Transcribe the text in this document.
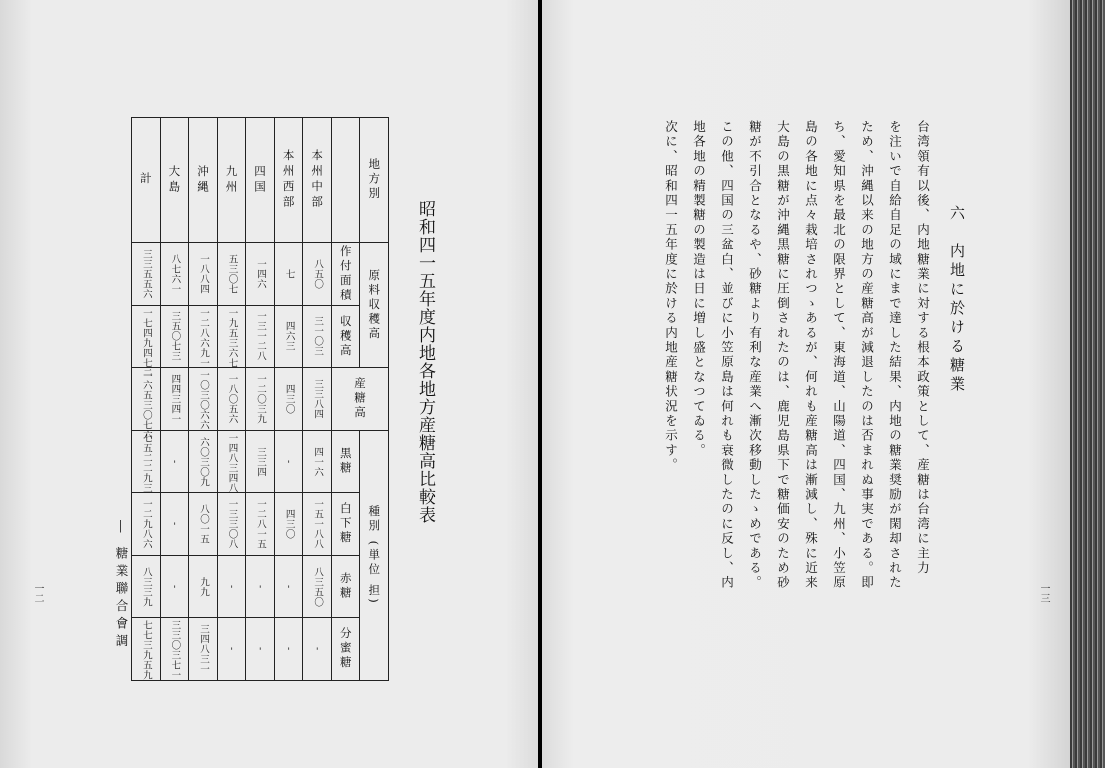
昭和四一五年度内地各地方産糖高比較表
地方別	原料収穫高	産糖高	種別 (単位 担)
	作付面積	収穫高	黒糖	白下糖	赤糖	分蜜糖

本州中部	八五〇	三一〇三	三三八四	四一六	一五一八八	八三五〇	-
本州西部	七	四六三	四三〇	-	四三〇	-	-
四国	一四六	一三一二八	一二〇三九	三三四	一二八一五	-	-
九州	五三〇七	一九五三六七	一八〇五六	一四八三四八	一三三〇八	-	-
沖縄	一八八四	一二八六九一	一〇三〇六六	六〇三〇九	八〇一五	九九	三四八三一
大島	八七六一	三五〇七三	四四三四一	-	-	-	三三〇三七一
計	三三五五六	一七四九四七二	一六五三〇七六	七五二二九三	一二九八六	八三三九	七七三九五九
― 糖業聯合會調
一二
六　内地に於ける糖業
台湾領有以後、内地糖業に対する根本政策として、産糖は台湾に主力
を注いで自給自足の域にまで達した結果、内地の糖業奨励が閑却された
ため、沖縄以来の地方の産糖高が減退したのは否まれぬ事実である。即
ち、愛知県を最北の限界として、東海道、山陽道、四国、九州、小笠原
島の各地に点々栽培されつゝあるが、何れも産糖高は漸減し、殊に近来
大島の黒糖が沖縄黒糖に圧倒されたのは、鹿児島県下で糖価安のため砂
糖が不引合となるや、砂糖より有利な産業へ漸次移動したゝめである。
この他、四国の三盆白、並びに小笠原島は何れも衰微したのに反し、内
地各地の精製糖の製造は日に増し盛となつてゐる。
次に、昭和四一五年度に於ける内地産糖状況を示す。
一三
